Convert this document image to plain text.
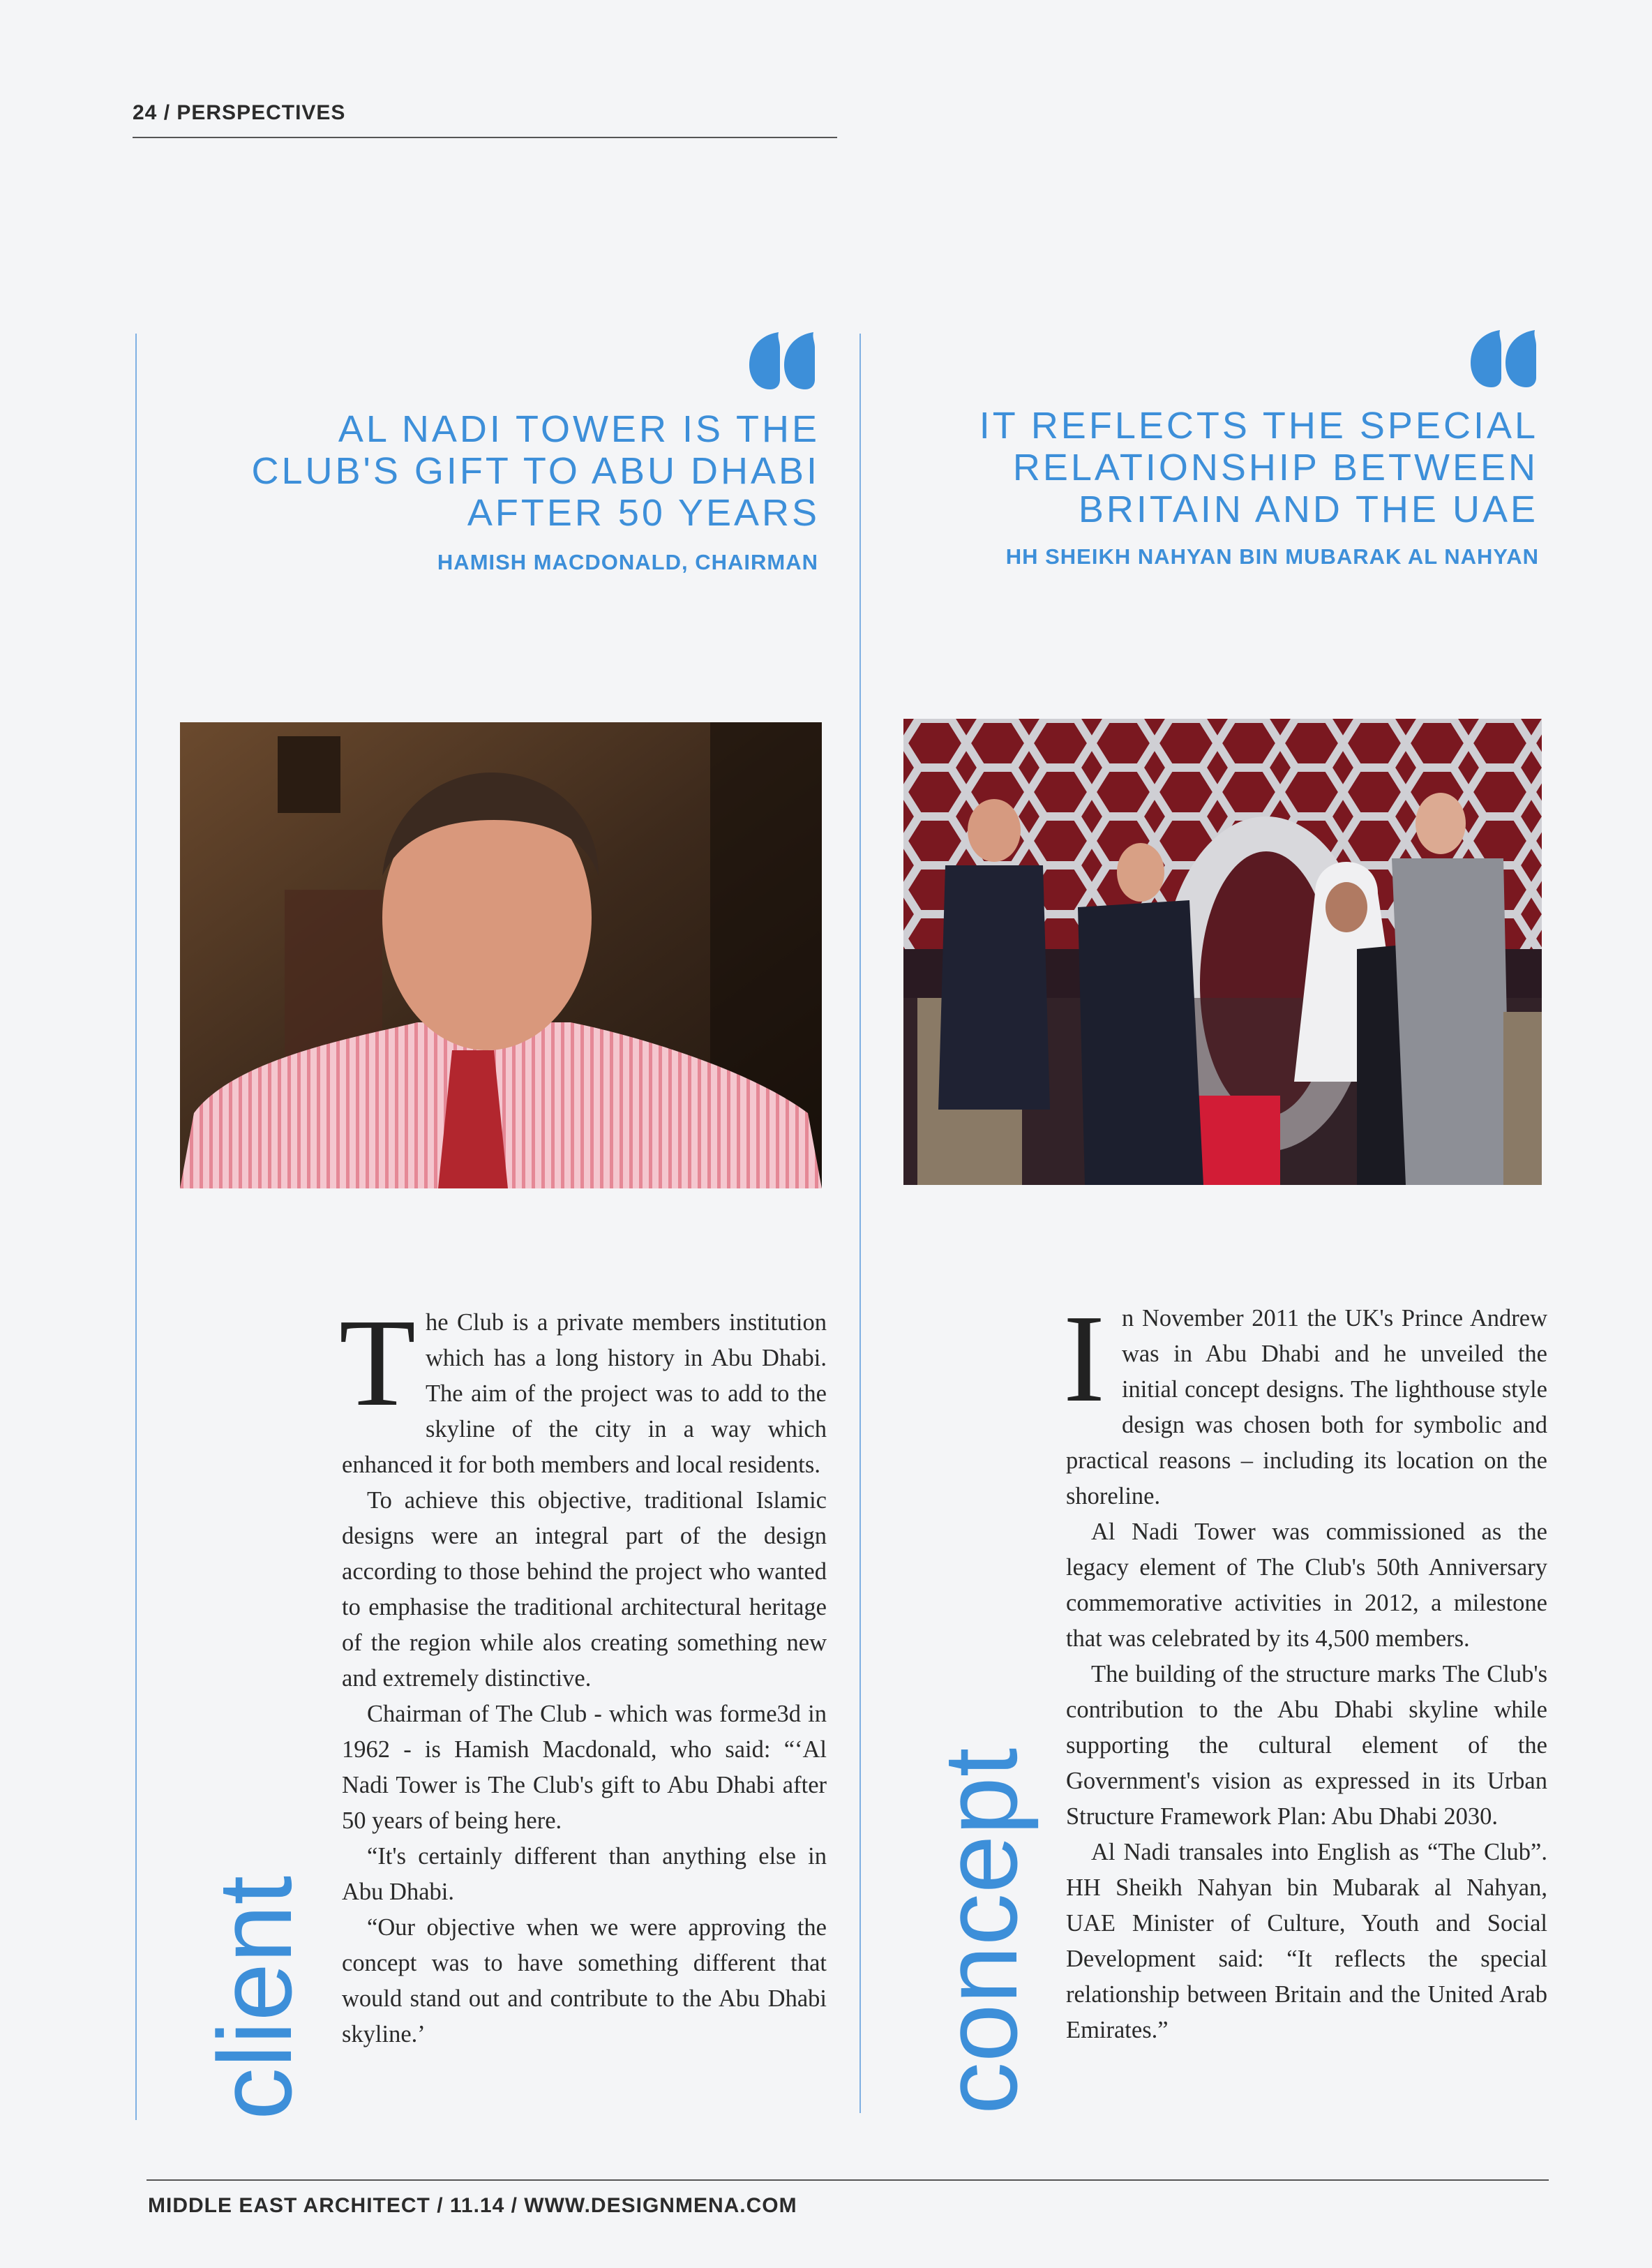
24 / PERSPECTIVES
AL NADI TOWER IS THE
CLUB'S GIFT TO ABU DHABI
AFTER 50 YEARS
HAMISH MACDONALD, CHAIRMAN
IT REFLECTS THE SPECIAL
RELATIONSHIP BETWEEN
BRITAIN AND THE UAE
HH SHEIKH NAHYAN BIN MUBARAK AL NAHYAN
client	concept

The Club is a private members institution which has a long history in Abu Dhabi. The aim of the project was to add to the skyline of the city in a way which enhanced it for both members and local residents.

To achieve this objective, traditional Islamic designs were an integral part of the design according to those behind the project who wanted to emphasise the traditional architectural heritage of the region while alos creating something new and extremely distinctive.

Chairman of The Club - which was forme3d in 1962 - is Hamish Macdonald, who said: “‘Al Nadi Tower is The Club's gift to Abu Dhabi after 50 years of being here.

“It's certainly different than anything else in Abu Dhabi.

“Our objective when we were approving the concept was to have something different that would stand out and contribute to the Abu Dhabi skyline.’

In November 2011 the UK's Prince Andrew was in Abu Dhabi and he unveiled the initial concept designs. The lighthouse style design was chosen both for symbolic and practical reasons – including its location on the shoreline.

Al Nadi Tower was commissioned as the legacy element of The Club's 50th Anniversary commemorative activities in 2012, a milestone that was celebrated by its 4,500 members.

The building of the structure marks The Club's contribution to the Abu Dhabi skyline while supporting the cultural element of the Government's vision as expressed in its Urban Structure Framework Plan: Abu Dhabi 2030.

Al Nadi transales into English as “The Club”. HH Sheikh Nahyan bin Mubarak al Nahyan, UAE Minister of Culture, Youth and Social Development said: “It reflects the special relationship between Britain and the United Arab Emirates.”

MIDDLE EAST ARCHITECT / 11.14 / WWW.DESIGNMENA.COM
